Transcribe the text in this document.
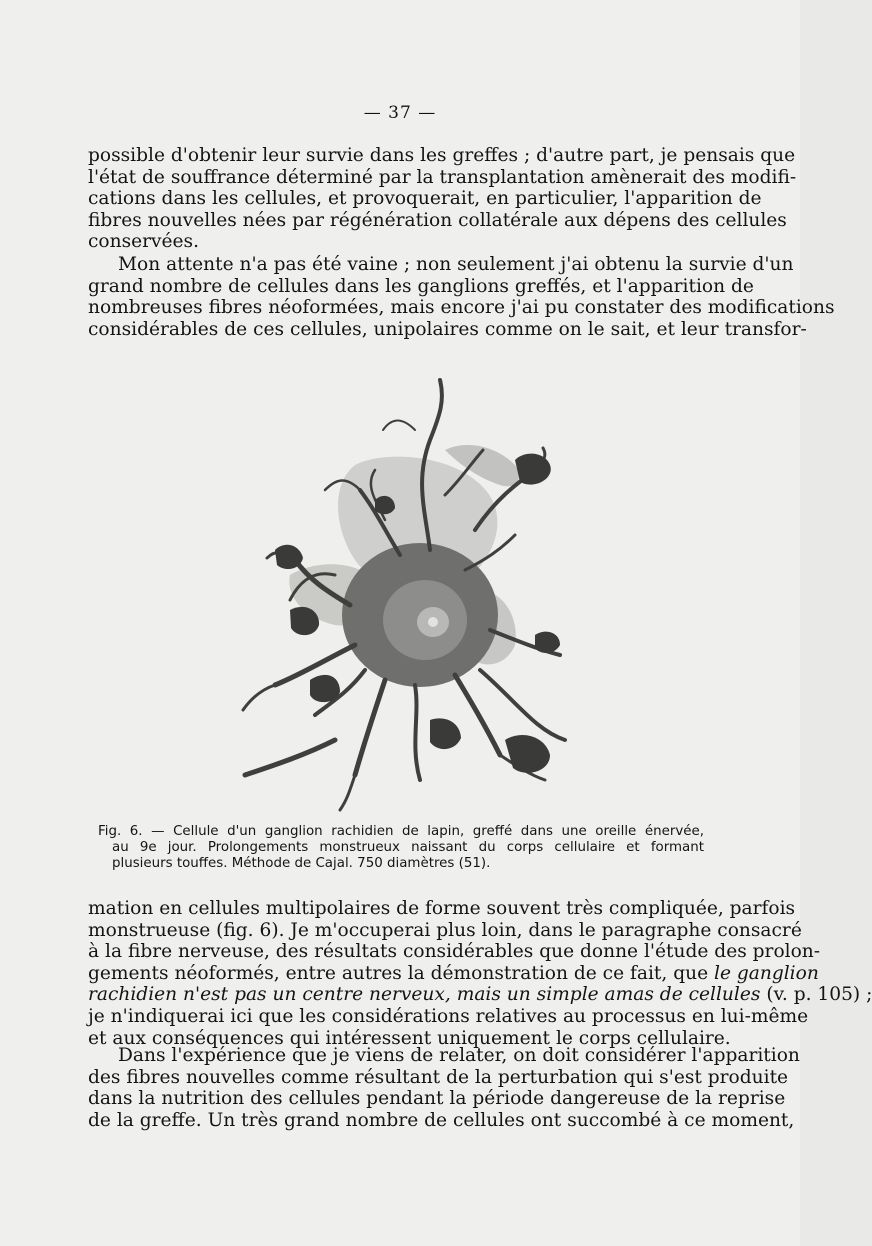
— 37 —

possible d'obtenir leur survie dans les greffes ; d'autre part, je pensais que
l'état de souffrance déterminé par la transplantation amènerait des modifi-
cations dans les cellules, et provoquerait, en particulier, l'apparition de
fibres nouvelles nées par régénération collatérale aux dépens des cellules
conservées.

Mon attente n'a pas été vaine ; non seulement j'ai obtenu la survie d'un
grand nombre de cellules dans les ganglions greffés, et l'apparition de
nombreuses fibres néoformées, mais encore j'ai pu constater des modifications
considérables de ces cellules, unipolaires comme on le sait, et leur transfor-

Fig. 6. — Cellule d'un ganglion rachidien de lapin, greffé dans une oreille énervée,
au 9e jour. Prolongements monstrueux naissant du corps cellulaire et formant
plusieurs touffes. Méthode de Cajal. 750 diamètres (51).

mation en cellules multipolaires de forme souvent très compliquée, parfois
monstrueuse (fig. 6). Je m'occuperai plus loin, dans le paragraphe consacré
à la fibre nerveuse, des résultats considérables que donne l'étude des prolon-
gements néoformés, entre autres la démonstration de ce fait, que le ganglion
rachidien n'est pas un centre nerveux, mais un simple amas de cellules (v. p. 105) ;
je n'indiquerai ici que les considérations relatives au processus en lui-même
et aux conséquences qui intéressent uniquement le corps cellulaire.

Dans l'expérience que je viens de relater, on doit considérer l'apparition
des fibres nouvelles comme résultant de la perturbation qui s'est produite
dans la nutrition des cellules pendant la période dangereuse de la reprise
de la greffe. Un très grand nombre de cellules ont succombé à ce moment,
